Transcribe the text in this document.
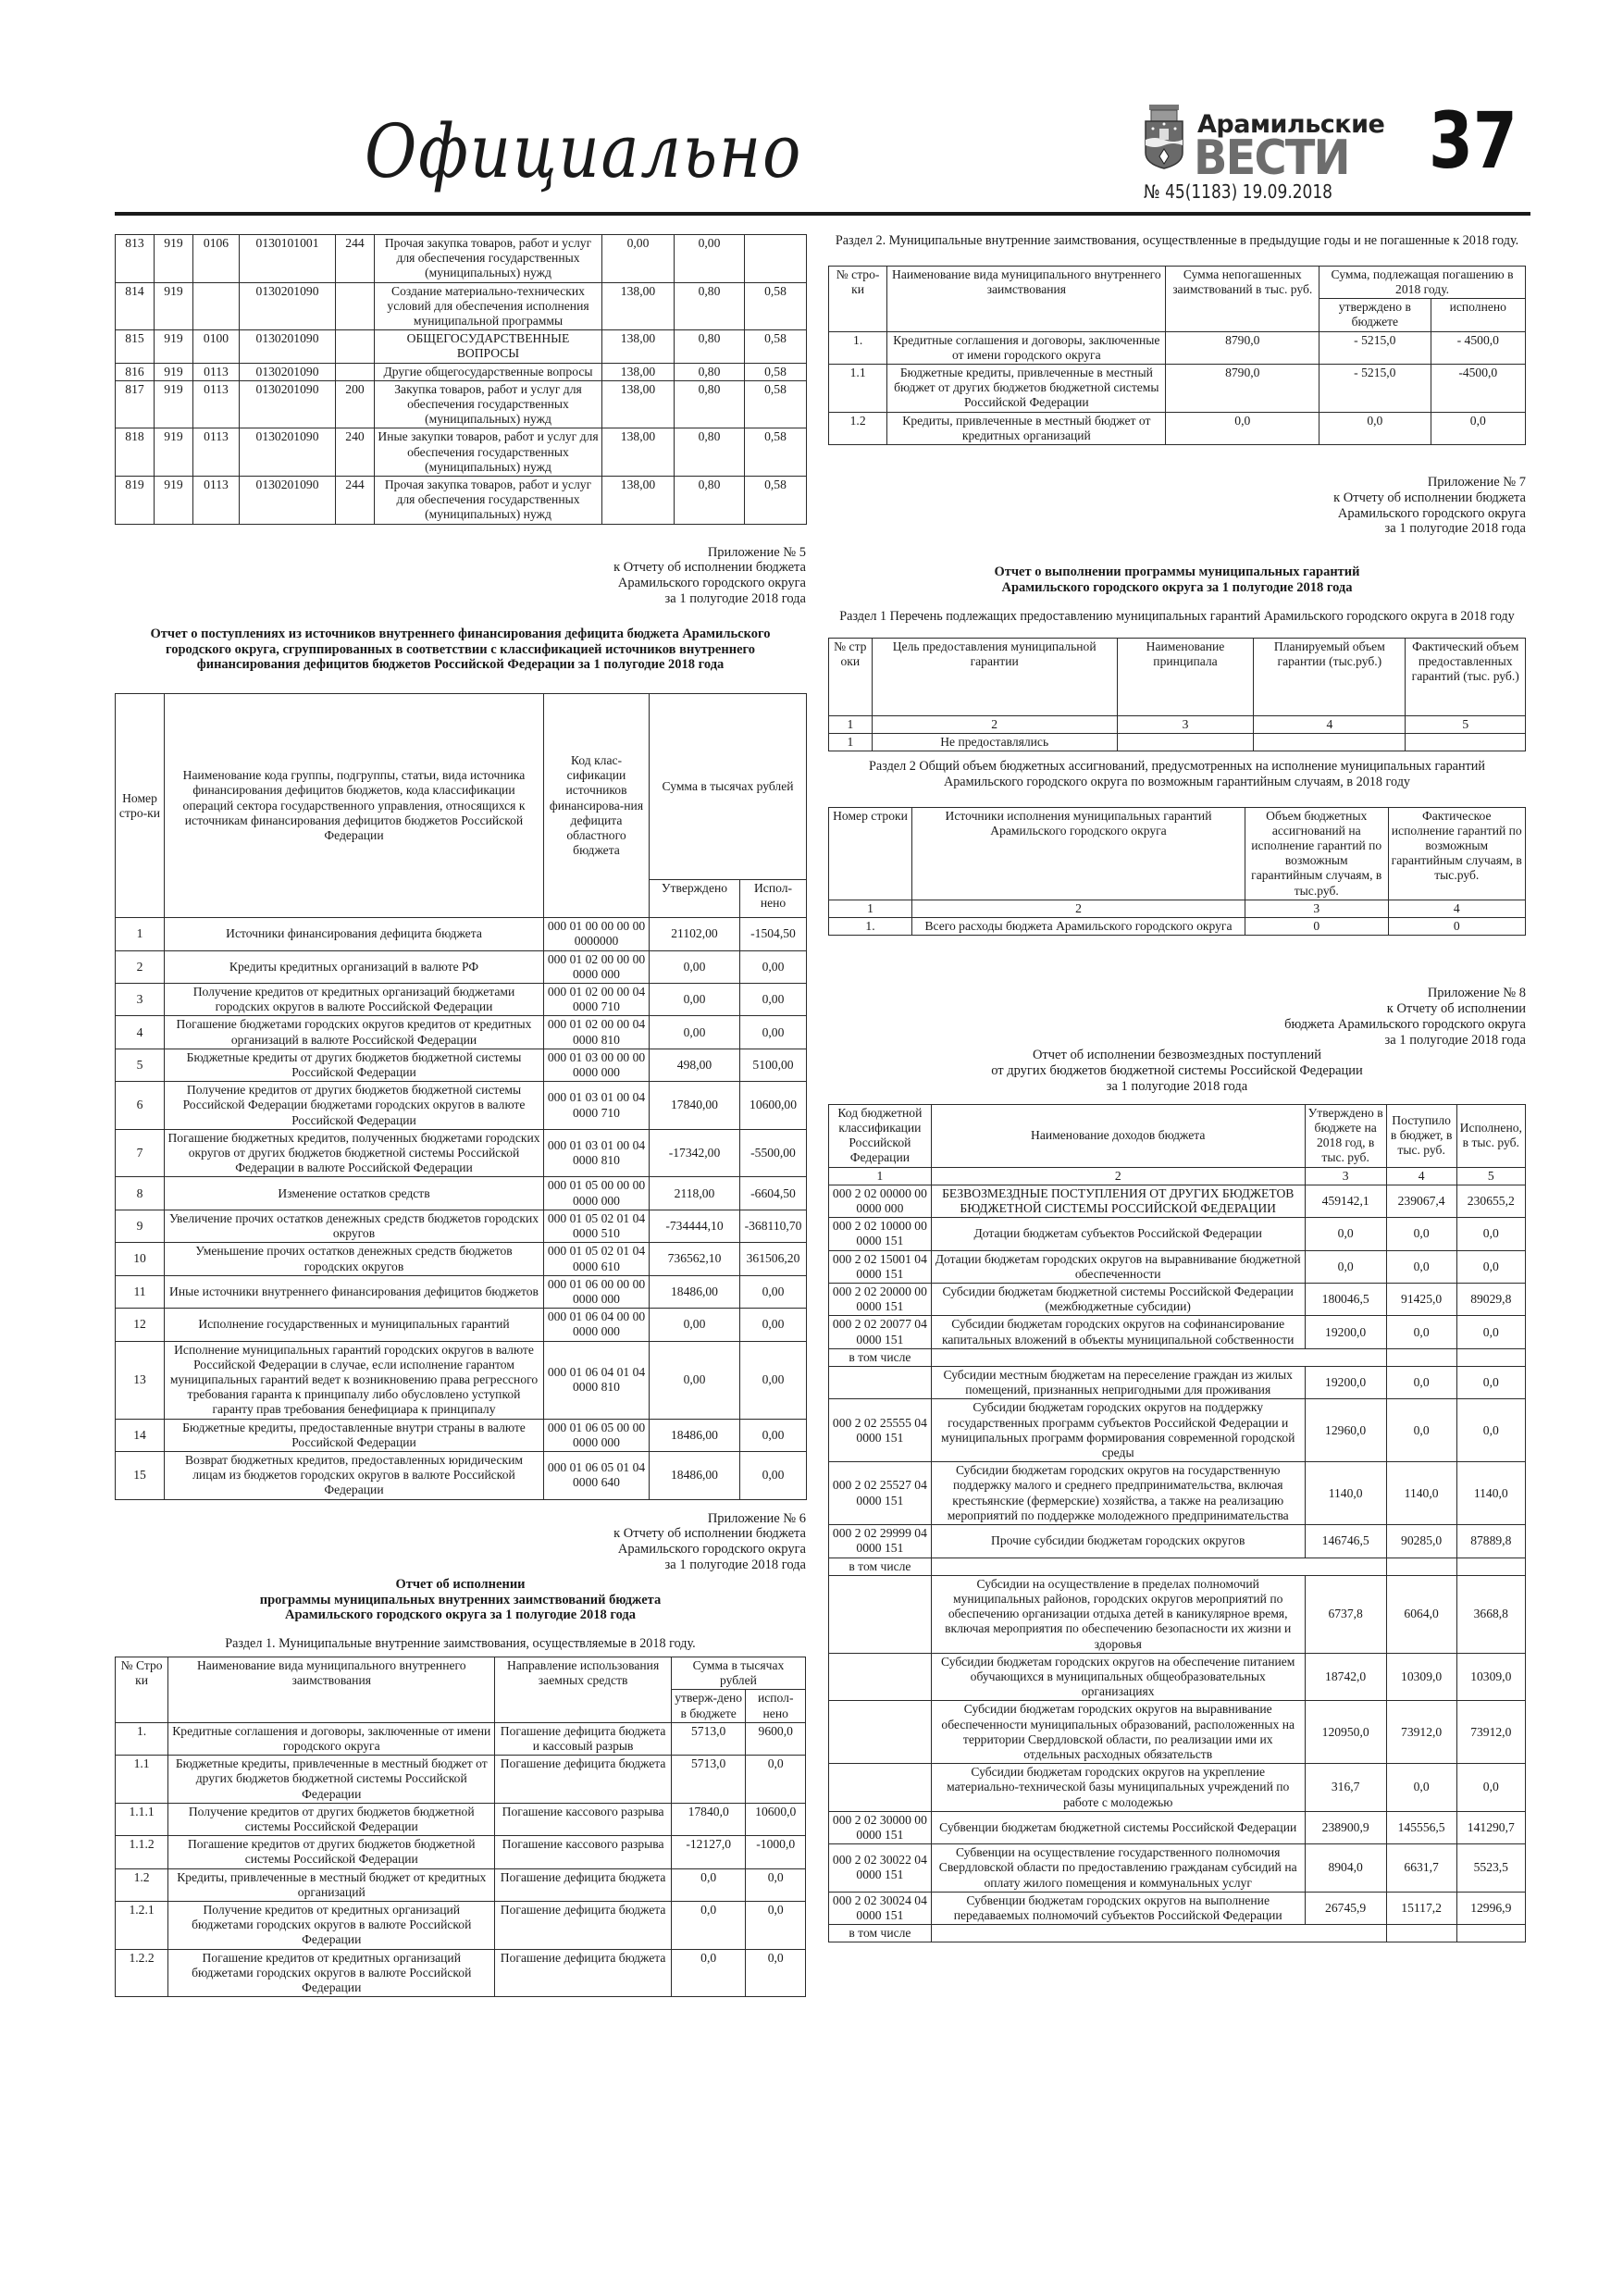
Официально	Арамильские
ВЕСТИ
№ 45(1183) 19.09.2018
37
813	919	0106	0130101001	244	Прочая закупка товаров, работ и услуг для обеспечения государственных (муниципальных) нужд	0,00	0,00	
814	919		0130201090		Создание материально-технических условий для обеспечения исполнения муниципальной программы	138,00	0,80	0,58
815	919	0100	0130201090		ОБЩЕГОСУДАРСТВЕННЫЕ ВОПРОСЫ	138,00	0,80	0,58
816	919	0113	0130201090		Другие общегосударственные вопросы	138,00	0,80	0,58
817	919	0113	0130201090	200	Закупка товаров, работ и услуг для обеспечения государственных (муниципальных) нужд	138,00	0,80	0,58
818	919	0113	0130201090	240	Иные закупки товаров, работ и услуг для обеспечения государственных (муниципальных) нужд	138,00	0,80	0,58
819	919	0113	0130201090	244	Прочая закупка товаров, работ и услуг для обеспечения государственных (муниципальных) нужд	138,00	0,80	0,58
Приложение № 5
к Отчету об исполнении бюджета
Арамильского городского округа
за 1 полугодие 2018 года
Отчет о поступлениях из источников внутреннего финансирования дефицита бюджета Арамильского городского округа, сгруппированных в соответствии с классификацией источников внутреннего финансирования дефицитов бюджетов Российской Федерации за 1 полугодие 2018 года
Номер стро-ки	Наименование кода группы, подгруппы, статьи, вида источника финансирования дефицитов бюджетов, кода классификации операций сектора государственного управления, относящихся к источникам финансирования дефицитов бюджетов Российской Федерации	Код клас-сификации источников финансирова-ния дефицита областного бюджета	Сумма в тысячах рублей	
			Утверждено	Испол-нено
1	Источники финансирования дефицита бюджета	000 01 00 00 00 00 0000000	21102,00	-1504,50
2	Кредиты кредитных организаций в валюте РФ	000 01 02 00 00 00 0000 000	0,00	0,00
3	Получение кредитов от кредитных организаций бюджетами городских округов в валюте Российской Федерации	000 01 02 00 00 04 0000 710	0,00	0,00
4	Погашение бюджетами городских округов кредитов от кредитных организаций в валюте Российской Федерации	000 01 02 00 00 04 0000 810	0,00	0,00
5	Бюджетные кредиты от других бюджетов бюджетной системы Российской Федерации	000 01 03 00 00 00 0000 000	498,00	5100,00
6	Получение кредитов от других бюджетов бюджетной системы Российской Федерации бюджетами городских округов в валюте Российской Федерации	000 01 03 01 00 04 0000 710	17840,00	10600,00
7	Погашение бюджетных кредитов, полученных бюджетами городских округов от других бюджетов бюджетной системы Российской Федерации в валюте Российской Федерации	000 01 03 01 00 04 0000 810	-17342,00	-5500,00
8	Изменение остатков средств	000 01 05 00 00 00 0000 000	2118,00	-6604,50
9	Увеличение прочих остатков денежных средств бюджетов городских округов	000 01 05 02 01 04 0000 510	-734444,10	-368110,70
10	Уменьшение прочих остатков денежных средств бюджетов городских округов	000 01 05 02 01 04 0000 610	736562,10	361506,20
11	Иные источники внутреннего финансирования дефицитов бюджетов	000 01 06 00 00 00 0000 000	18486,00	0,00
12	Исполнение государственных и муниципальных гарантий	000 01 06 04 00 00 0000 000	0,00	0,00
13	Исполнение муниципальных гарантий городских округов в валюте Российской Федерации в случае, если исполнение гарантом муниципальных гарантий ведет к возникновению права регрессного требования гаранта к принципалу либо обусловлено уступкой гаранту прав требования бенефициара к принципалу	000 01 06 04 01 04 0000 810	0,00	0,00
14	Бюджетные кредиты, предоставленные внутри страны в валюте Российской Федерации	000 01 06 05 00 00 0000 000	18486,00	0,00
15	Возврат бюджетных кредитов, предоставленных юридическим лицам из бюджетов городских округов в валюте Российской Федерации	000 01 06 05 01 04 0000 640	18486,00	0,00
Приложение № 6
к Отчету об исполнении бюджета
Арамильского городского округа
за 1 полугодие 2018 года
Отчет об исполнении
программы муниципальных внутренних заимствований бюджета
Арамильского городского округа за 1 полугодие 2018 года
Раздел 1. Муниципальные внутренние заимствования, осуществляемые в 2018 году.
№ Стро ки	Наименование вида муниципального внутреннего заимствования	Направление использования заемных средств	Сумма в тысячах рублей	
			утверж-дено в бюджете	испол-нено
1.	Кредитные соглашения и договоры, заключенные от имени городского округа	Погашение дефицита бюджета и кассовый разрыв	5713,0	9600,0
1.1	Бюджетные кредиты, привлеченные в местный бюджет от других бюджетов бюджетной системы Российской Федерации	Погашение дефицита бюджета	5713,0	0,0
1.1.1	Получение кредитов от других бюджетов бюджетной системы Российской Федерации	Погашение кассового разрыва	17840,0	10600,0
1.1.2	Погашение кредитов от других бюджетов бюджетной системы Российской Федерации	Погашение кассового разрыва	-12127,0	-1000,0
1.2	Кредиты, привлеченные в местный бюджет от кредитных организаций	Погашение дефицита бюджета	0,0	0,0
1.2.1	Получение кредитов от кредитных организаций бюджетами городских округов в валюте Российской Федерации	Погашение дефицита бюджета	0,0	0,0
1.2.2	Погашение кредитов от кредитных организаций бюджетами городских округов в валюте Российской Федерации	Погашение дефицита бюджета	0,0	0,0
Раздел 2. Муниципальные внутренние заимствования, осуществленные в предыдущие годы и не погашенные к 2018 году.
№ стро-ки	Наименование вида муниципального внутреннего заимствования	Сумма непогашенных заимствований в тыс. руб.	Сумма, подлежащая погашению в 2018 году.	
			утверждено в бюджете	исполнено
1.	Кредитные соглашения и договоры, заключенные от имени городского округа	8790,0	- 5215,0	- 4500,0
1.1	Бюджетные кредиты, привлеченные в местный бюджет от других бюджетов бюджетной системы Российской Федерации	8790,0	- 5215,0	-4500,0
1.2	Кредиты, привлеченные в местный бюджет от кредитных организаций	0,0	0,0	0,0
Приложение № 7
к Отчету об исполнении бюджета
Арамильского городского округа
за 1 полугодие 2018 года
Отчет о выполнении программы муниципальных гарантий
Арамильского городского округа за 1 полугодие 2018 года
Раздел 1 Перечень подлежащих предоставлению муниципальных гарантий Арамильского городского округа в 2018 году
№ стр оки	Цель предоставления муниципальной гарантии	Наименование принципала	Планируемый объем гарантии (тыс.руб.)	Фактический объем предоставленных гарантий (тыс. руб.)
1	2	3	4	5
1	Не предоставлялись			
Раздел 2 Общий объем бюджетных ассигнований, предусмотренных на исполнение муниципальных гарантий Арамильского городского округа по возможным гарантийным случаям, в 2018 году
Номер строки	Источники исполнения муниципальных гарантий Арамильского городского округа	Объем бюджетных ассигнований на исполнение гарантий по возможным гарантийным случаям, в тыс.руб.	Фактическое исполнение гарантий по возможным гарантийным случаям, в тыс.руб.
1	2	3	4
1.	Всего расходы бюджета Арамильского городского округа	0	0
Приложение № 8
к Отчету об исполнении
бюджета Арамильского городского округа
за 1 полугодие 2018 года
Отчет об исполнении безвозмездных поступлений
от других бюджетов бюджетной системы Российской Федерации
за 1 полугодие 2018 года
Код бюджетной классификации Российской Федерации	Наименование доходов бюджета	Утверждено в бюджете на 2018 год, в тыс. руб.	Поступило в бюджет, в тыс. руб.	Исполнено, в тыс. руб.
1	2	3	4	5
000 2 02 00000 00 0000 000	БЕЗВОЗМЕЗДНЫЕ ПОСТУПЛЕНИЯ ОТ ДРУГИХ БЮДЖЕТОВ БЮДЖЕТНОЙ СИСТЕМЫ РОССИЙСКОЙ ФЕДЕРАЦИИ	459142,1	239067,4	230655,2
000 2 02 10000 00 0000 151	Дотации бюджетам субъектов Российской Федерации	0,0	0,0	0,0
000 2 02 15001 04 0000 151	Дотации бюджетам городских округов на выравнивание бюджетной обеспеченности	0,0	0,0	0,0
000 2 02 20000 00 0000 151	Субсидии бюджетам бюджетной системы Российской Федерации (межбюджетные субсидии)	180046,5	91425,0	89029,8
000 2 02 20077 04 0000 151	Субсидии бюджетам городских округов на софинансирование капитальных вложений в объекты муниципальной собственности	19200,0	0,0	0,0
в том числе				
	Субсидии местным бюджетам на переселение граждан из жилых помещений, признанных непригодными для проживания	19200,0	0,0	0,0
000 2 02 25555 04 0000 151	Субсидии бюджетам городских округов на поддержку государственных программ субъектов Российской Федерации и муниципальных программ формирования современной городской среды	12960,0	0,0	0,0
000 2 02 25527 04 0000 151	Субсидии бюджетам городских округов на государственную поддержку малого и среднего предпринимательства, включая крестьянские (фермерские) хозяйства, а также на реализацию мероприятий по поддержке молодежного предпринимательства	1140,0	1140,0	1140,0
000 2 02 29999 04 0000 151	Прочие субсидии бюджетам городских округов	146746,5	90285,0	87889,8
в том числе				
	Субсидии на осуществление в пределах полномочий муниципальных районов, городских округов мероприятий по обеспечению организации отдыха детей в каникулярное время, включая мероприятия по обеспечению безопасности их жизни и здоровья	6737,8	6064,0	3668,8
	Субсидии бюджетам городских округов на обеспечение питанием обучающихся в муниципальных общеобразовательных организациях	18742,0	10309,0	10309,0
	Субсидии бюджетам городских округов на выравнивание обеспеченности муниципальных образований, расположенных на территории Свердловской области, по реализации ими их отдельных расходных обязательств	120950,0	73912,0	73912,0
	Субсидии бюджетам городских округов на укрепление материально-технической базы муниципальных учреждений по работе с молодежью	316,7	0,0	0,0
000 2 02 30000 00 0000 151	Субвенции бюджетам бюджетной системы Российской Федерации	238900,9	145556,5	141290,7
000 2 02 30022 04 0000 151	Субвенции на осуществление государственного полномочия Свердловской области по предоставлению гражданам субсидий на оплату жилого помещения и коммунальных услуг	8904,0	6631,7	5523,5
000 2 02 30024 04 0000 151	Субвенции бюджетам городских округов на выполнение передаваемых полномочий субъектов Российской Федерации	26745,9	15117,2	12996,9
в том числе				
